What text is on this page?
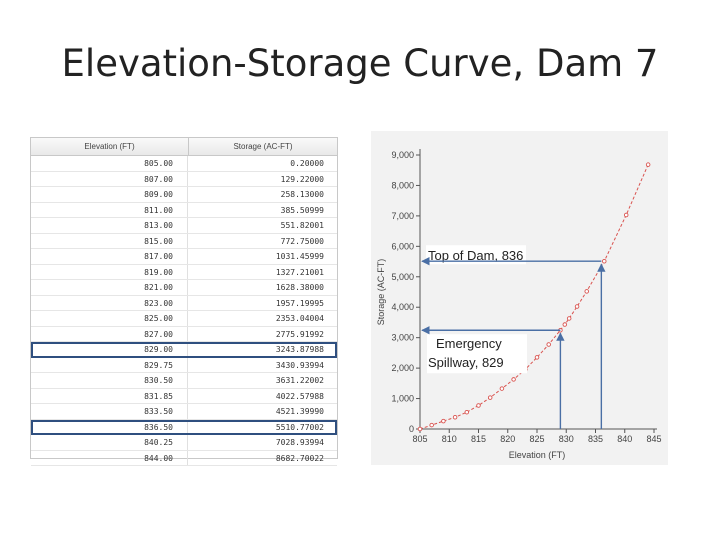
Elevation-Storage Curve, Dam 7
Elevation (FT)	Storage (AC-FT)
805.00	0.20000
807.00	129.22000
809.00	258.13000
811.00	385.50999
813.00	551.82001
815.00	772.75000
817.00	1031.45999
819.00	1327.21001
821.00	1628.38000
823.00	1957.19995
825.00	2353.04004
827.00	2775.91992
829.00	3243.87988
829.75	3430.93994
830.50	3631.22002
831.85	4022.57988
833.50	4521.39990
836.50	5510.77002
840.25	7028.93994
844.00	8682.70022
0
1,000
2,000
3,000
4,000
5,000
6,000
7,000
8,000
9,000
805 810 815 820 825 830 835 840 845
Elevation (FT)
Storage (AC-FT)
Top of Dam, 836
Emergency
Spillway, 829
